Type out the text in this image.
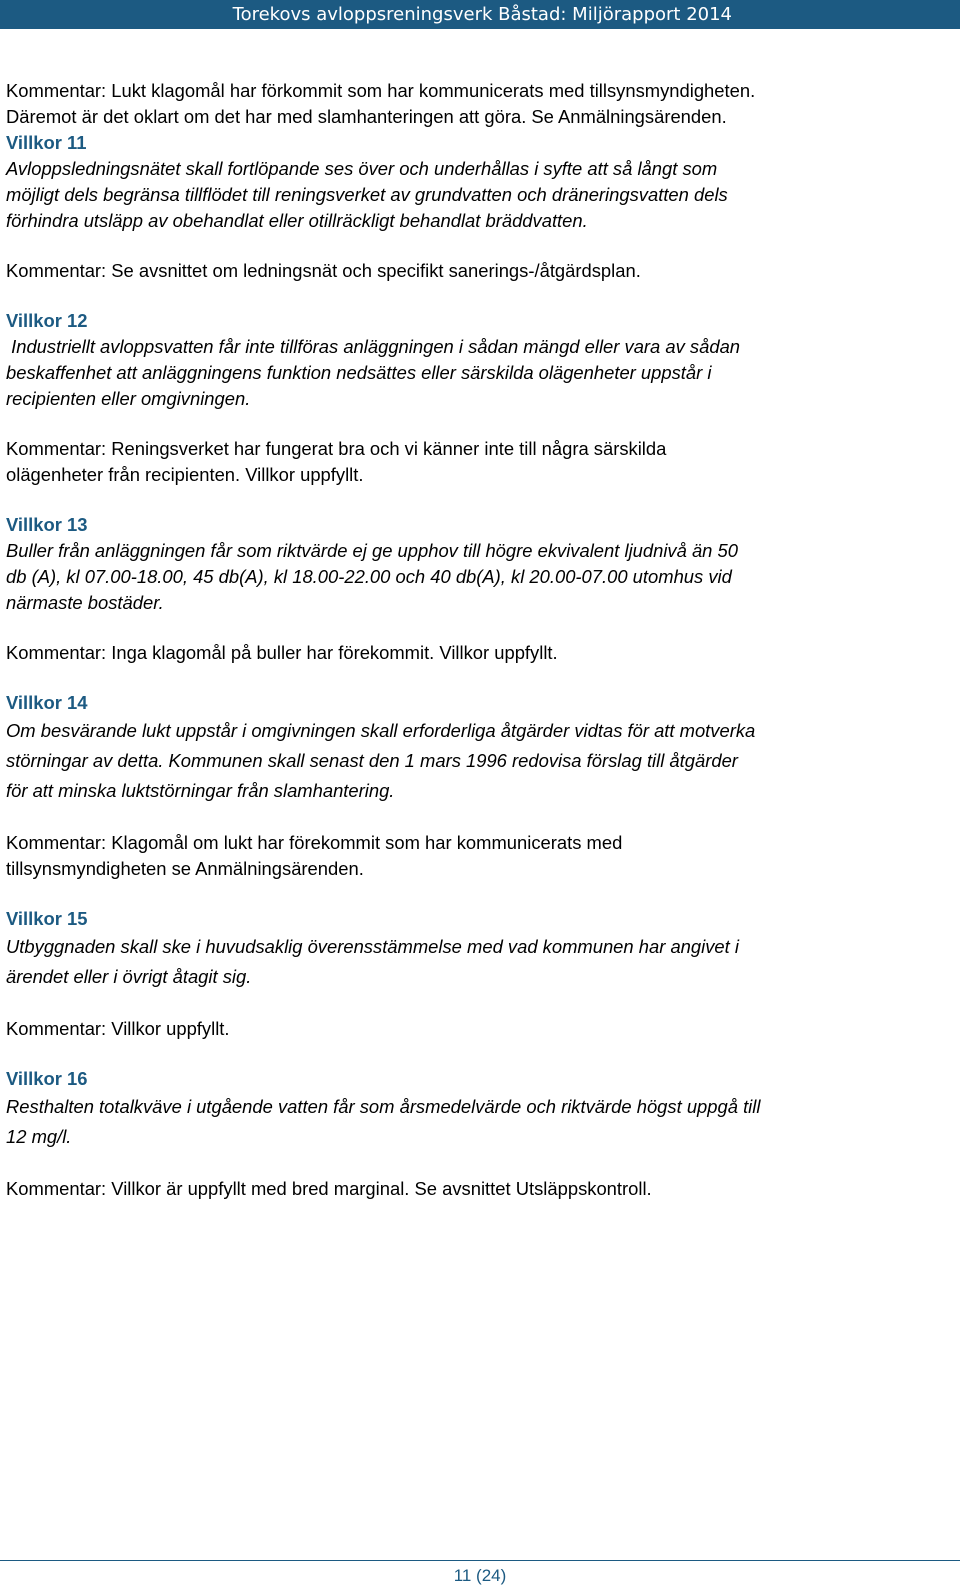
Torekovs avloppsreningsverk Båstad: Miljörapport 2014

Kommentar: Lukt klagomål har förkommit som har kommunicerats med tillsynsmyndigheten.

Däremot är det oklart om det har med slamhanteringen att göra. Se Anmälningsärenden.

Villkor 11

Avloppsledningsnätet skall fortlöpande ses över och underhållas i syfte att så långt som

möjligt dels begränsa tillflödet till reningsverket av grundvatten och dräneringsvatten dels

förhindra utsläpp av obehandlat eller otillräckligt behandlat bräddvatten.

Kommentar: Se avsnittet om ledningsnät och specifikt sanerings-/åtgärdsplan.

Villkor 12

Industriellt avloppsvatten får inte tillföras anläggningen i sådan mängd eller vara av sådan

beskaffenhet att anläggningens funktion nedsättes eller särskilda olägenheter uppstår i

recipienten eller omgivningen.

Kommentar: Reningsverket har fungerat bra och vi känner inte till några särskilda

olägenheter från recipienten. Villkor uppfyllt.

Villkor 13

Buller från anläggningen får som riktvärde ej ge upphov till högre ekvivalent ljudnivå än 50

db (A), kl 07.00-18.00, 45 db(A), kl 18.00-22.00 och 40 db(A), kl 20.00-07.00 utomhus vid

närmaste bostäder.

Kommentar: Inga klagomål på buller har förekommit. Villkor uppfyllt.

Villkor 14

Om besvärande lukt uppstår i omgivningen skall erforderliga åtgärder vidtas för att motverka

störningar av detta. Kommunen skall senast den 1 mars 1996 redovisa förslag till åtgärder

för att minska luktstörningar från slamhantering.

Kommentar: Klagomål om lukt har förekommit som har kommunicerats med

tillsynsmyndigheten se Anmälningsärenden.

Villkor 15

Utbyggnaden skall ske i huvudsaklig överensstämmelse med vad kommunen har angivet i

ärendet eller i övrigt åtagit sig.

Kommentar: Villkor uppfyllt.

Villkor 16

Resthalten totalkväve i utgående vatten får som årsmedelvärde och riktvärde högst uppgå till

12 mg/l.

Kommentar: Villkor är uppfyllt med bred marginal. Se avsnittet Utsläppskontroll.

11 (24)
